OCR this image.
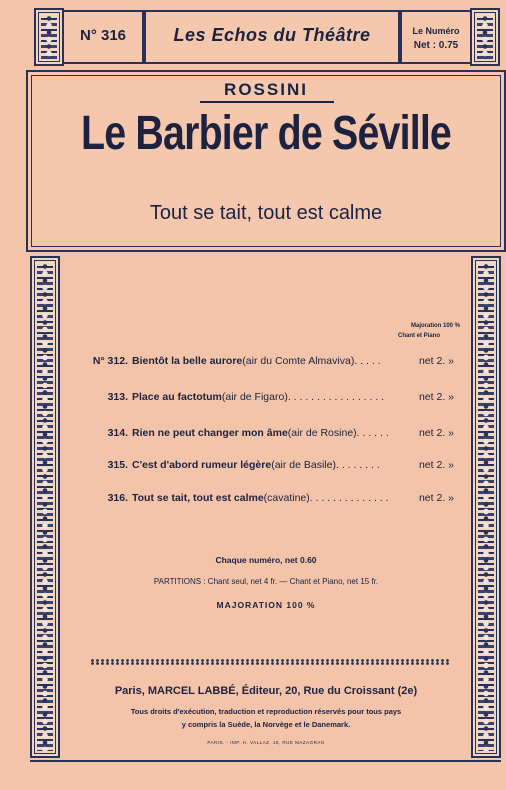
N° 316	Les Echos du Théâtre	Le Numéro
Net : 0.75
ROSSINI
Le Barbier de Séville
Tout se tait, tout est calme
Majoration 100 %
Chant et Piano
N° 312. Bientôt la belle aurore (air du Comte Almaviva) . . . . .	net 2. »
313. Place au factotum (air de Figaro) . . . . . . . . . . . . . . . . .	net 2. »
314. Rien ne peut changer mon âme (air de Rosine) . . . . . .	net 2. »
315. C'est d'abord rumeur légère (air de Basile) . . . . . . . .	net 2. »
316. Tout se tait, tout est calme (cavatine) . . . . . . . . . . . . . .	net 2. »
Chaque numéro, net 0.60
PARTITIONS : Chant seul, net 4 fr. — Chant et Piano, net 15 fr.
MAJORATION 100 %
Paris, MARCEL LABBÉ, Éditeur, 20, Rue du Croissant (2e)
Tous droits d'exécution, traduction et reproduction réservés pour tous pays
y compris la Suède, la Norvège et le Danemark.
PARIS. - IMP. H. VALLAZ, 18, RUE MAZAGRAN
